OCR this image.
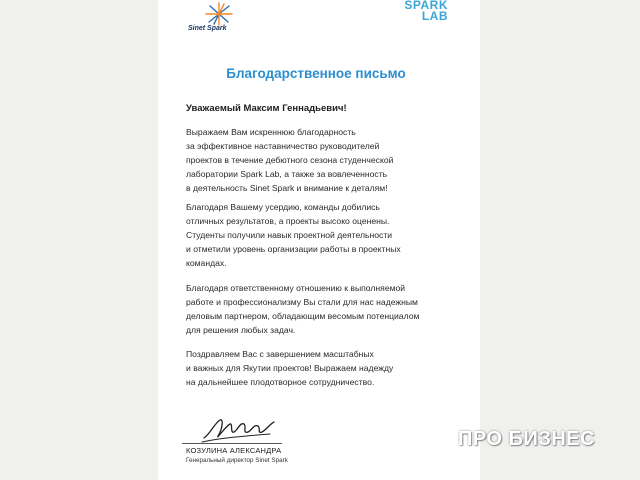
Sinet Spark
SPARK
LAB
Благодарственное письмо
Уважаемый Максим Геннадьевич!
Выражаем Вам искреннюю благодарность
за эффективное наставничество руководителей
проектов в течение дебютного сезона студенческой
лаборатории Spark Lab, а также за вовлеченность
в деятельность Sinet Spark и внимание к деталям!
Благодаря Вашему усердию, команды добились
отличных результатов, а проекты высоко оценены.
Студенты получили навык проектной деятельности
и отметили уровень организации работы в проектных
командах.
Благодаря ответственному отношению к выполняемой
работе и профессионализму Вы стали для нас надежным
деловым партнером, обладающим весомым потенциалом
для решения любых задач.
Поздравляем Вас с завершением масштабных
и важных для Якутии проектов! Выражаем надежду
на дальнейшее плодотворное сотрудничество.
КОЗУЛИНА АЛЕКСАНДРА
Генеральный директор Sinet Spark
ПРО БИЗНЕС
